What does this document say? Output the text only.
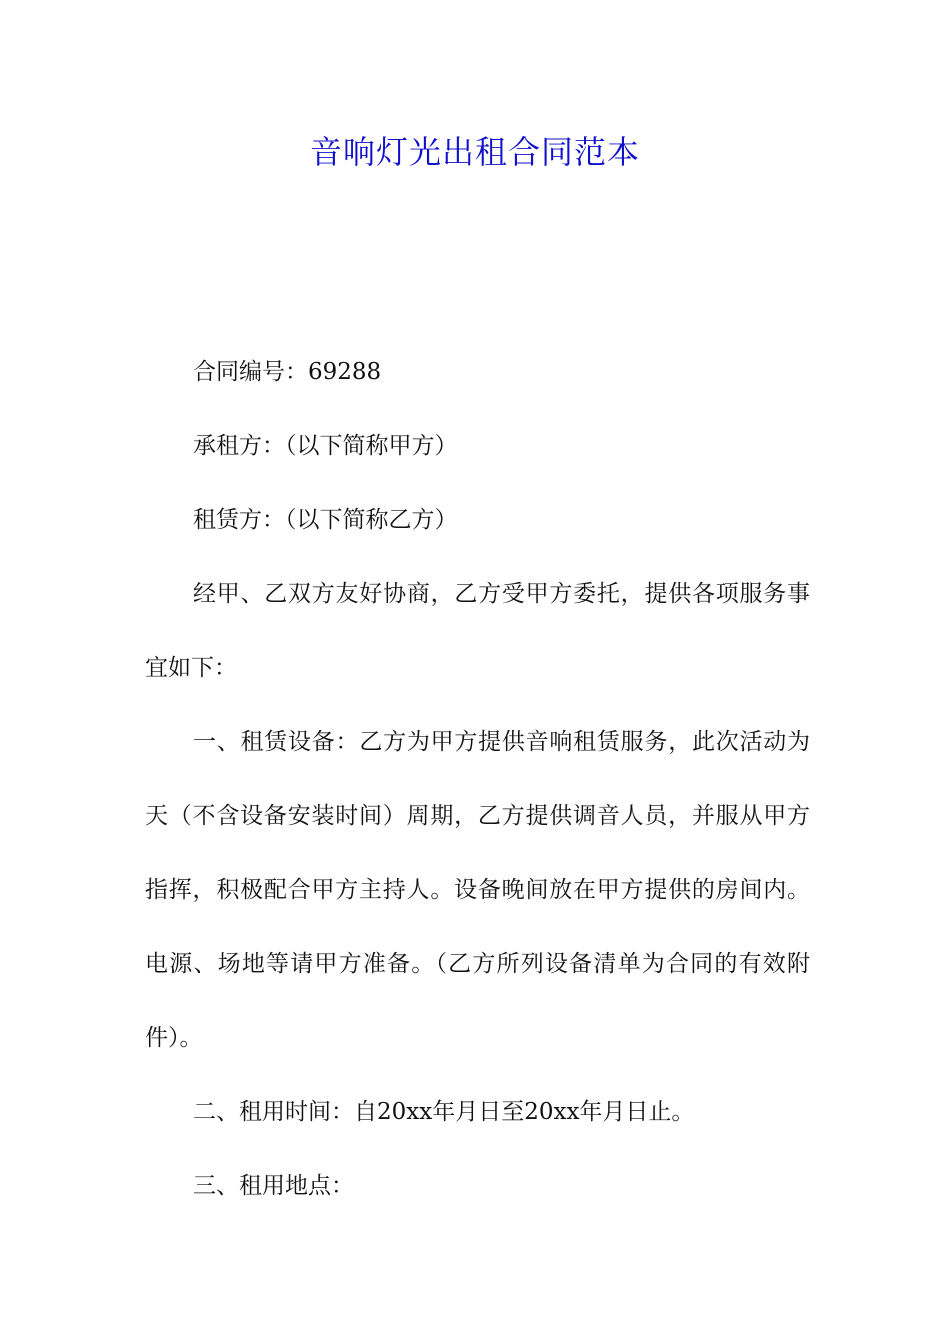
音响灯光出租合同范本

合同编号：69288

承租方：（以下简称甲方）

租赁方：（以下简称乙方）

经甲、乙双方友好协商，乙方受甲方委托，提供各项服务事宜如下：

一、租赁设备：乙方为甲方提供音响租赁服务，此次活动为天（不含设备安装时间）周期，乙方提供调音人员，并服从甲方指挥，积极配合甲方主持人。设备晚间放在甲方提供的房间内。电源、场地等请甲方准备。（乙方所列设备清单为合同的有效附件）。

二、租用时间：自20xx年月日至20xx年月日止。

三、租用地点：
